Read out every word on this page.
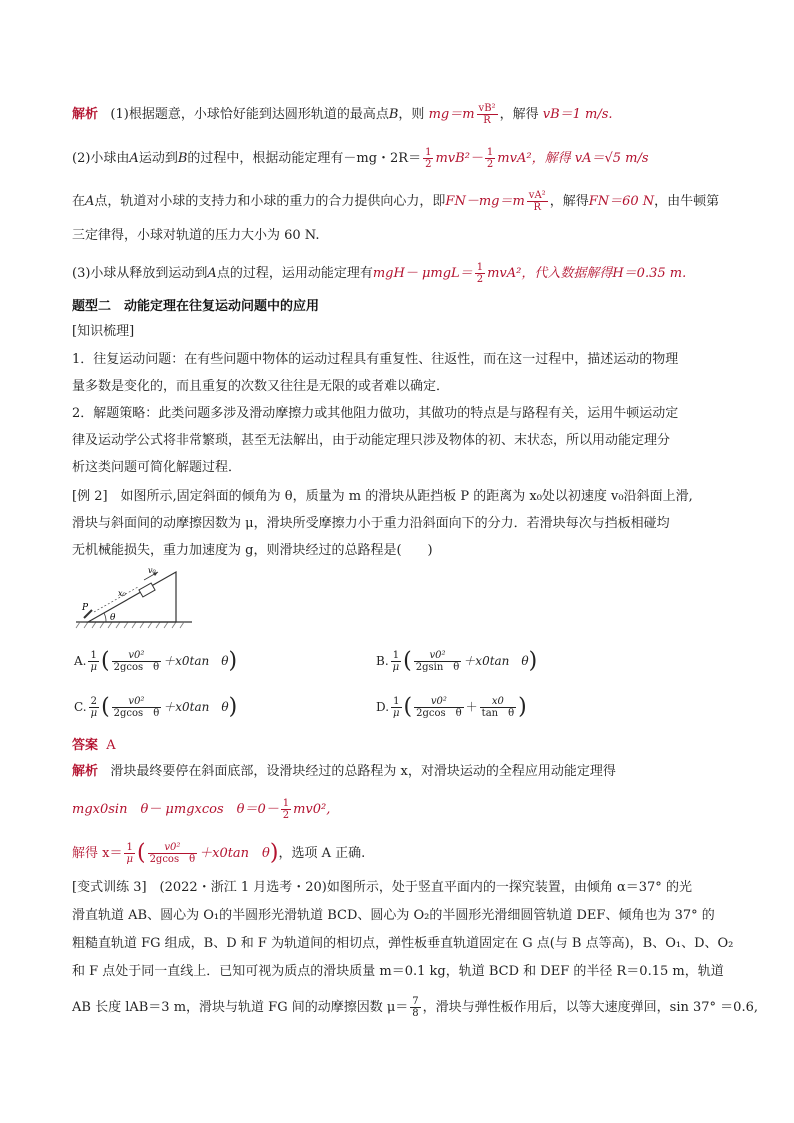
解析 (1)根据题意，小球恰好能到达圆形轨道的最高点B，则 $mg=m \frac{\text{vB²}}{R}$ ，解得 vB＝1 m/s.
(2)小球由A运动到B的过程中，根据动能定理有－mg・$2R= \frac{1}{2} mvB^2- \frac{1}{2} mvA^2$，解得 vA＝√5 m/s
在A点，轨道对小球的支持力和小球的重力的合力提供向心力，即$FN-mg=m \frac{\text{vA²}}{R}$ ，解得FN＝60 N，由牛顿第
三定律得，小球对轨道的压力大小为 60 N.
(3)小球从释放到运动到A点的过程，运用动能定理有$mgH- \mu mgL= \frac{1}{2} mvA^2$，代入数据解得H＝0.35 m.
题型二　动能定理在往复运动问题中的应用
[知识梳理]
1．往复运动问题：在有些问题中物体的运动过程具有重复性、往返性，而在这一过程中，描述运动的物理
量多数是变化的，而且重复的次数又往往是无限的或者难以确定．
2．解题策略：此类问题多涉及滑动摩擦力或其他阻力做功，其做功的特点是与路程有关，运用牛顿运动定
律及运动学公式将非常繁琐，甚至无法解出，由于动能定理只涉及物体的初、末状态，所以用动能定理分
析这类问题可简化解题过程．
[例 2]　如图所示,固定斜面的倾角为 θ，质量为 m 的滑块从距挡板 P 的距离为 x₀处以初速度 v₀沿斜面上滑,
滑块与斜面间的动摩擦因数为 μ，滑块所受摩擦力小于重力沿斜面向下的分力．若滑块每次与挡板相碰均
无机械能损失，重力加速度为 g，则滑块经过的总路程是(　　)
v₀
x₀
P
θ
A. $\frac{1}{\mu}$ ( $\frac{\text{v0²}}{\text{2gcos　θ}} +x0\tan$　θ)	B. $\frac{1}{\mu}$ ( $\frac{\text{v0²}}{\text{2gsin　θ}} +x0\tan$　θ)
C. $\frac{2}{\mu}$ ( $\frac{\text{v0²}}{\text{2gcos　θ}} +x0\tan$　θ)	D. $\frac{1}{\mu}$ ( $\frac{\text{v0²}}{\text{2gcos　θ}} + \frac{x0}{\text{tan　θ}}$ )
答案 A
解析 滑块最终要停在斜面底部，设滑块经过的总路程为 x，对滑块运动的全程应用动能定理得
mgx0sin　θ－ μmgxcos　$\theta=0- \frac{1}{2} mv0^2$,
解得 $x= \frac{1}{\mu}$ ( $\frac{\text{v0²}}{\text{2gcos　θ}} +x0\tan$　θ)，选项 A 正确.
[变式训练 3]　(2022・浙江 1 月选考・20)如图所示，处于竖直平面内的一探究装置，由倾角 α＝37° 的光
滑直轨道 AB、圆心为 O₁的半圆形光滑轨道 BCD、圆心为 O₂的半圆形光滑细圆管轨道 DEF、倾角也为 37° 的
粗糙直轨道 FG 组成，B、D 和 F 为轨道间的相切点，弹性板垂直轨道固定在 G 点(与 B 点等高)，B、O₁、D、O₂
和 F 点处于同一直线上．已知可视为质点的滑块质量 m＝0.1 kg，轨道 BCD 和 DEF 的半径 R＝0.15 m，轨道
AB 长度 lAB＝3 m，滑块与轨道 FG 间的动摩擦因数 $\mu= \frac{7}{8}$ ，滑块与弹性板作用后，以等大速度弹回，sin 37° ＝0.6,
